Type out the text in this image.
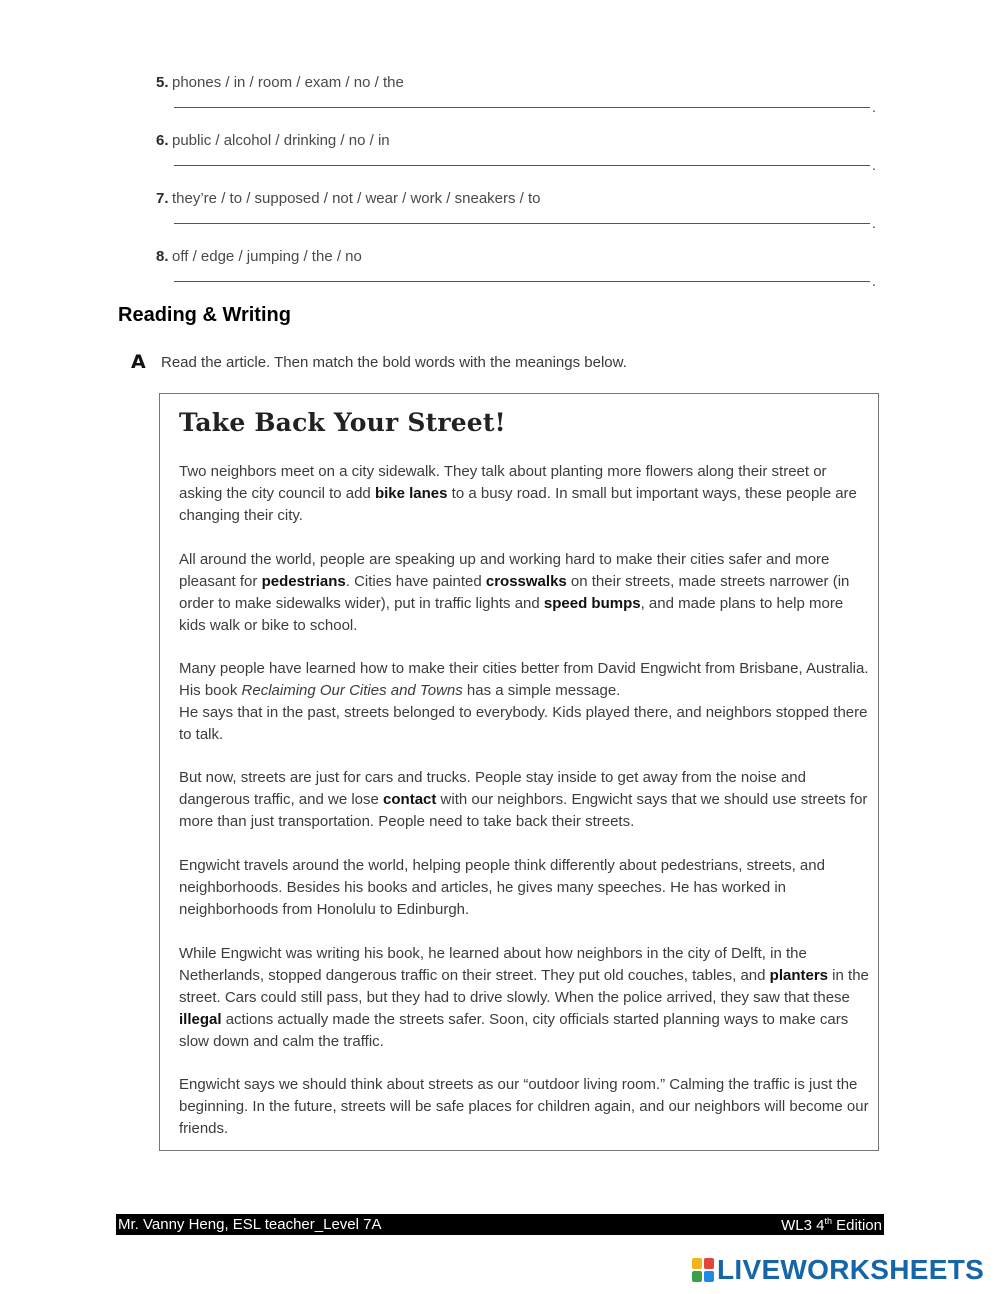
5. phones / in / room / exam / no / the
.
6. public / alcohol / drinking / no / in
.
7. they’re / to / supposed / not / wear / work / sneakers / to
.
8. off / edge / jumping / the / no
.
Reading & Writing
A Read the article. Then match the bold words with the meanings below.
Take Back Your Street!
Two neighbors meet on a city sidewalk. They talk about planting more flowers along their street or asking the city council to add bike lanes to a busy road. In small but important ways, these people are changing their city.
All around the world, people are speaking up and working hard to make their cities safer and more pleasant for pedestrians. Cities have painted crosswalks on their streets, made streets narrower (in order to make sidewalks wider), put in traffic lights and speed bumps, and made plans to help more kids walk or bike to school.
Many people have learned how to make their cities better from David Engwicht from Brisbane, Australia. His book Reclaiming Our Cities and Towns has a simple message.
He says that in the past, streets belonged to everybody. Kids played there, and neighbors stopped there to talk.
But now, streets are just for cars and trucks. People stay inside to get away from the noise and dangerous traffic, and we lose contact with our neighbors. Engwicht says that we should use streets for more than just transportation. People need to take back their streets.
Engwicht travels around the world, helping people think differently about pedestrians, streets, and neighborhoods. Besides his books and articles, he gives many speeches. He has worked in neighborhoods from Honolulu to Edinburgh.
While Engwicht was writing his book, he learned about how neighbors in the city of Delft, in the Netherlands, stopped dangerous traffic on their street. They put old couches, tables, and planters in the street. Cars could still pass, but they had to drive slowly. When the police arrived, they saw that these illegal actions actually made the streets safer. Soon, city officials started planning ways to make cars slow down and calm the traffic.
Engwicht says we should think about streets as our “outdoor living room.” Calming the traffic is just the beginning. In the future, streets will be safe places for children again, and our neighbors will become our friends.
Mr. Vanny Heng, ESL teacher_Level 7A	WL3 4th Edition
LIVEWORKSHEETS
